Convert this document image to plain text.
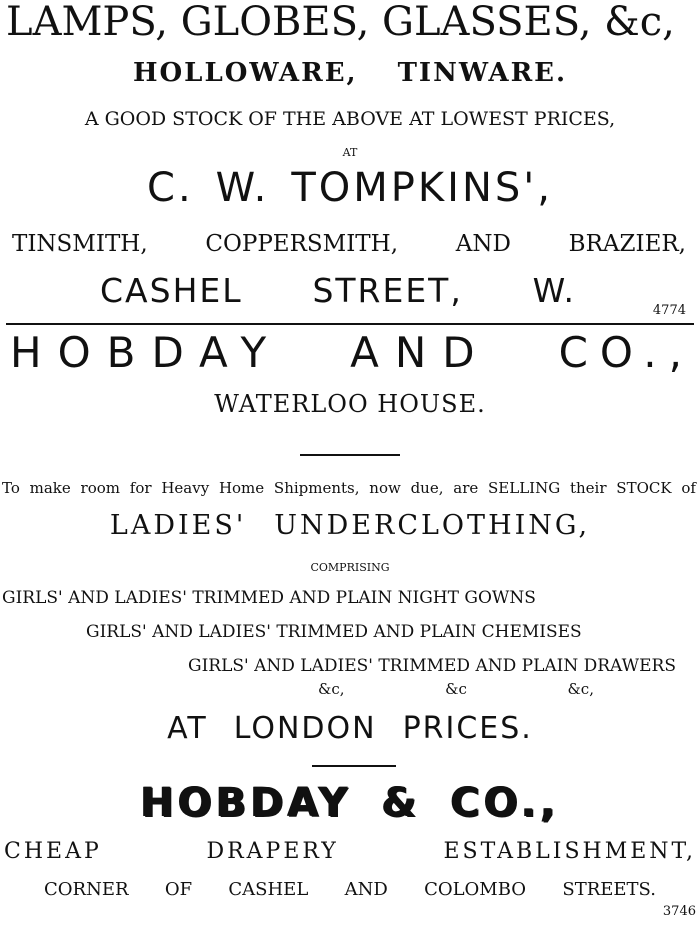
LAMPS, GLOBES, GLASSES, &c,
HOLLOWARE, TINWARE.
A GOOD STOCK OF THE ABOVE AT LOWEST PRICES,
AT
C. W. TOMPKINS',
TINSMITH,	COPPERSMITH,	AND	BRAZIER,
CASHEL STREET, W.
4774
HOBDAY AND CO.,
WATERLOO HOUSE.
To make room for Heavy Home Shipments, now due, are SELLING their STOCK of
LADIES' UNDERCLOTHING,
COMPRISING
GIRLS' AND LADIES' TRIMMED AND PLAIN NIGHT GOWNS
GIRLS' AND LADIES' TRIMMED AND PLAIN CHEMISES
GIRLS' AND LADIES' TRIMMED AND PLAIN DRAWERS
&c,	&c	&c,
AT LONDON PRICES.
HOBDAY & CO.,
CHEAP	DRAPERY	ESTABLISHMENT,
CORNER OF CASHEL AND COLOMBO STREETS.
3746
